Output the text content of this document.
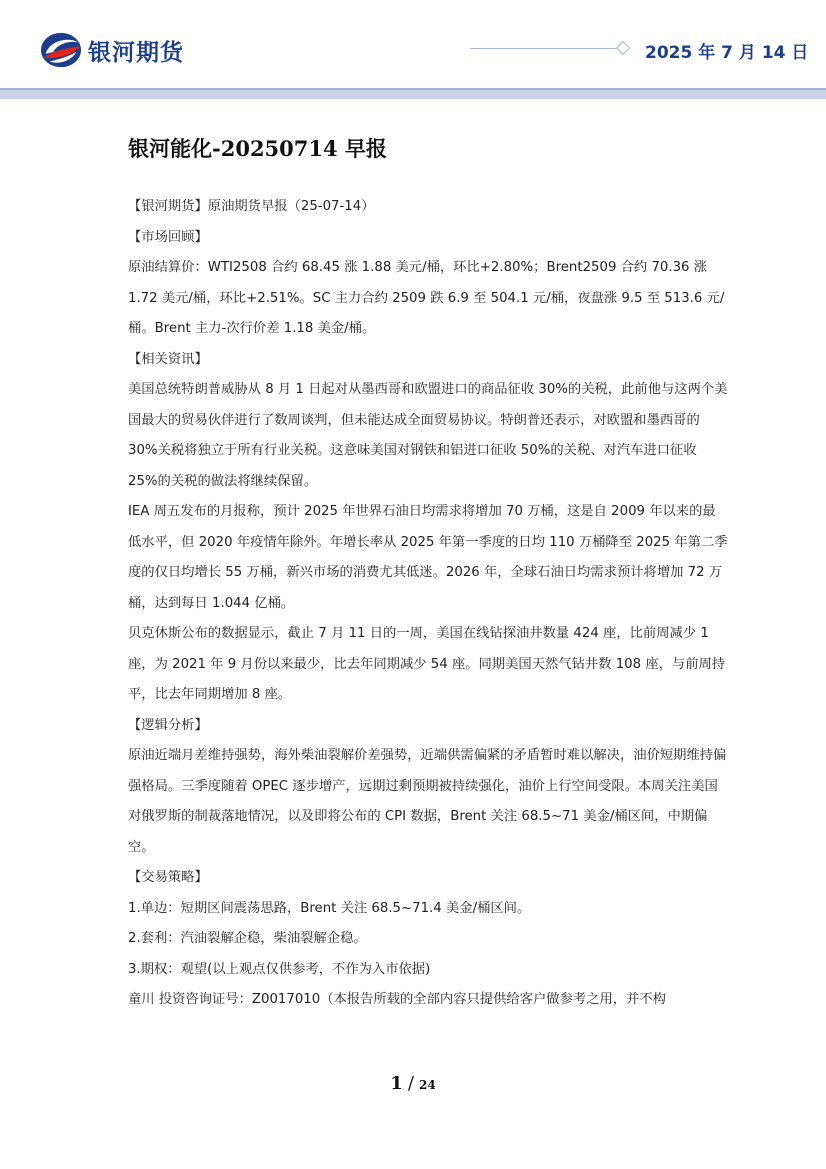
银河期货	2025 年 7 月 14 日
银河能化-20250714 早报

【银河期货】原油期货早报（25-07-14）

【市场回顾】

原油结算价：WTI2508 合约 68.45 涨 1.88 美元/桶，环比+2.80%；Brent2509 合约 70.36 涨 1.72 美元/桶，环比+2.51%。SC 主力合约 2509 跌 6.9 至 504.1 元/桶，夜盘涨 9.5 至 513.6 元/桶。Brent 主力-次行价差 1.18 美金/桶。

【相关资讯】

美国总统特朗普威胁从 8 月 1 日起对从墨西哥和欧盟进口的商品征收 30%的关税，此前他与这两个美国最大的贸易伙伴进行了数周谈判，但未能达成全面贸易协议。特朗普还表示，对欧盟和墨西哥的 30%关税将独立于所有行业关税。这意味美国对钢铁和铝进口征收 50%的关税、对汽车进口征收 25%的关税的做法将继续保留。

IEA 周五发布的月报称，预计 2025 年世界石油日均需求将增加 70 万桶，这是自 2009 年以来的最低水平，但 2020 年疫情年除外。年增长率从 2025 年第一季度的日均 110 万桶降至 2025 年第二季度的仅日均增长 55 万桶，新兴市场的消费尤其低迷。2026 年，全球石油日均需求预计将增加 72 万桶，达到每日 1.044 亿桶。

贝克休斯公布的数据显示，截止 7 月 11 日的一周，美国在线钻探油井数量 424 座，比前周减少 1 座，为 2021 年 9 月份以来最少，比去年同期减少 54 座。同期美国天然气钻井数 108 座，与前周持平，比去年同期增加 8 座。

【逻辑分析】

原油近端月差维持强势，海外柴油裂解价差强势，近端供需偏紧的矛盾暂时难以解决，油价短期维持偏强格局。三季度随着 OPEC 逐步增产，远期过剩预期被持续强化，油价上行空间受限。本周关注美国对俄罗斯的制裁落地情况，以及即将公布的 CPI 数据，Brent 关注 68.5~71 美金/桶区间，中期偏空。

【交易策略】

1.单边：短期区间震荡思路，Brent 关注 68.5~71.4 美金/桶区间。

2.套利：汽油裂解企稳，柴油裂解企稳。

3.期权：观望(以上观点仅供参考，不作为入市依据)

童川 投资咨询证号：Z0017010（本报告所载的全部内容只提供给客户做参考之用，并不构

1 / 24
